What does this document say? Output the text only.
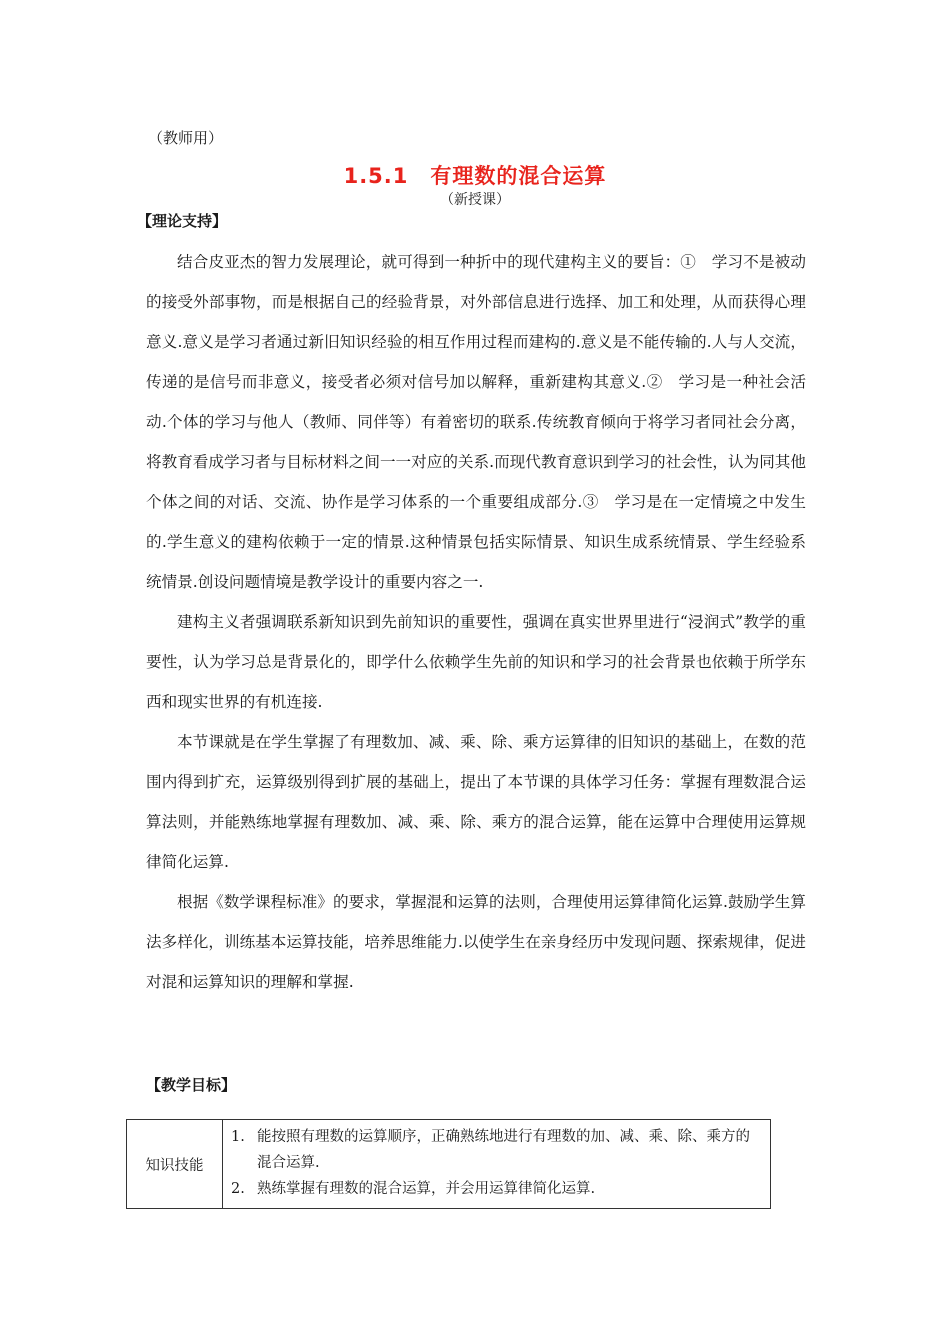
（教师用）
1.5.1　有理数的混合运算
（新授课）
【理论支持】

结合皮亚杰的智力发展理论，就可得到一种折中的现代建构主义的要旨：①　学习不是被动的接受外部事物，而是根据自己的经验背景，对外部信息进行选择、加工和处理，从而获得心理意义.意义是学习者通过新旧知识经验的相互作用过程而建构的.意义是不能传输的.人与人交流，传递的是信号而非意义，接受者必须对信号加以解释，重新建构其意义.②　学习是一种社会活动.个体的学习与他人（教师、同伴等）有着密切的联系.传统教育倾向于将学习者同社会分离，将教育看成学习者与目标材料之间一一对应的关系.而现代教育意识到学习的社会性，认为同其他个体之间的对话、交流、协作是学习体系的一个重要组成部分.③　学习是在一定情境之中发生的.学生意义的建构依赖于一定的情景.这种情景包括实际情景、知识生成系统情景、学生经验系统情景.创设问题情境是教学设计的重要内容之一.

建构主义者强调联系新知识到先前知识的重要性，强调在真实世界里进行“浸润式”教学的重要性，认为学习总是背景化的，即学什么依赖学生先前的知识和学习的社会背景也依赖于所学东西和现实世界的有机连接.

本节课就是在学生掌握了有理数加、减、乘、除、乘方运算律的旧知识的基础上，在数的范围内得到扩充，运算级别得到扩展的基础上，提出了本节课的具体学习任务：掌握有理数混合运算法则，并能熟练地掌握有理数加、减、乘、除、乘方的混合运算，能在运算中合理使用运算规律简化运算.

根据《数学课程标准》的要求，掌握混和运算的法则，合理使用运算律简化运算.鼓励学生算法多样化，训练基本运算技能，培养思维能力.以使学生在亲身经历中发现问题、探索规律，促进对混和运算知识的理解和掌握.

【教学目标】
知识技能
1. 能按照有理数的运算顺序，正确熟练地进行有理数的加、减、乘、除、乘方的混合运算.
2. 熟练掌握有理数的混合运算，并会用运算律简化运算.
